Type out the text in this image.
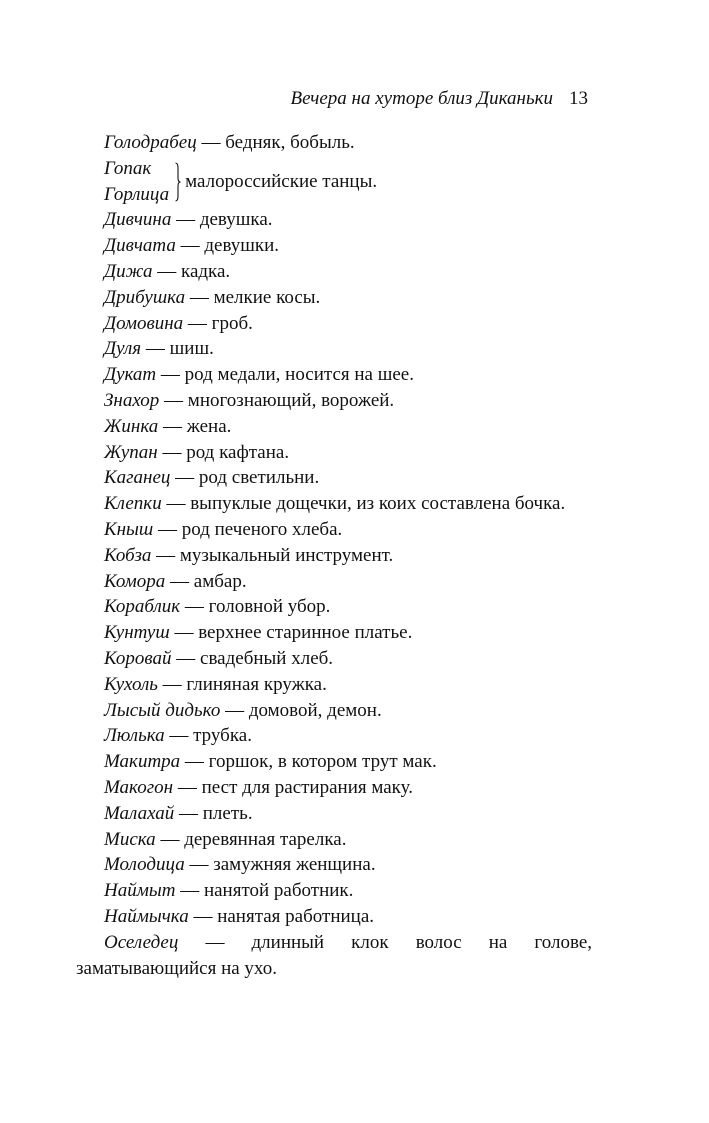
Вечера на хуторе близ Диканьки 13
Голодрабец — бедняк, бобыль.
Гопак
Горлица
малороссийские танцы.
Дивчина — девушка.
Дивчата — девушки.
Дижа — кадка.
Дрибушка — мелкие косы.
Домовина — гроб.
Дуля — шиш.
Дукат — род медали, носится на шее.
Знахор — многознающий, ворожей.
Жинка — жена.
Жупан — род кафтана.
Каганец — род светильни.
Клепки — выпуклые дощечки, из коих составлена бочка.
Кныш — род печеного хлеба.
Кобза — музыкальный инструмент.
Комора — амбар.
Кораблик — головной убор.
Кунтуш — верхнее старинное платье.
Коровай — свадебный хлеб.
Кухоль — глиняная кружка.
Лысый дидько — домовой, демон.
Люлька — трубка.
Макитра — горшок, в котором трут мак.
Макогон — пест для растирания маку.
Малахай — плеть.
Миска — деревянная тарелка.
Молодица — замужняя женщина.
Наймыт — нанятой работник.
Наймычка — нанятая работница.
Оселедец — длинный клок волос на голове, заматывающийся на ухо.
